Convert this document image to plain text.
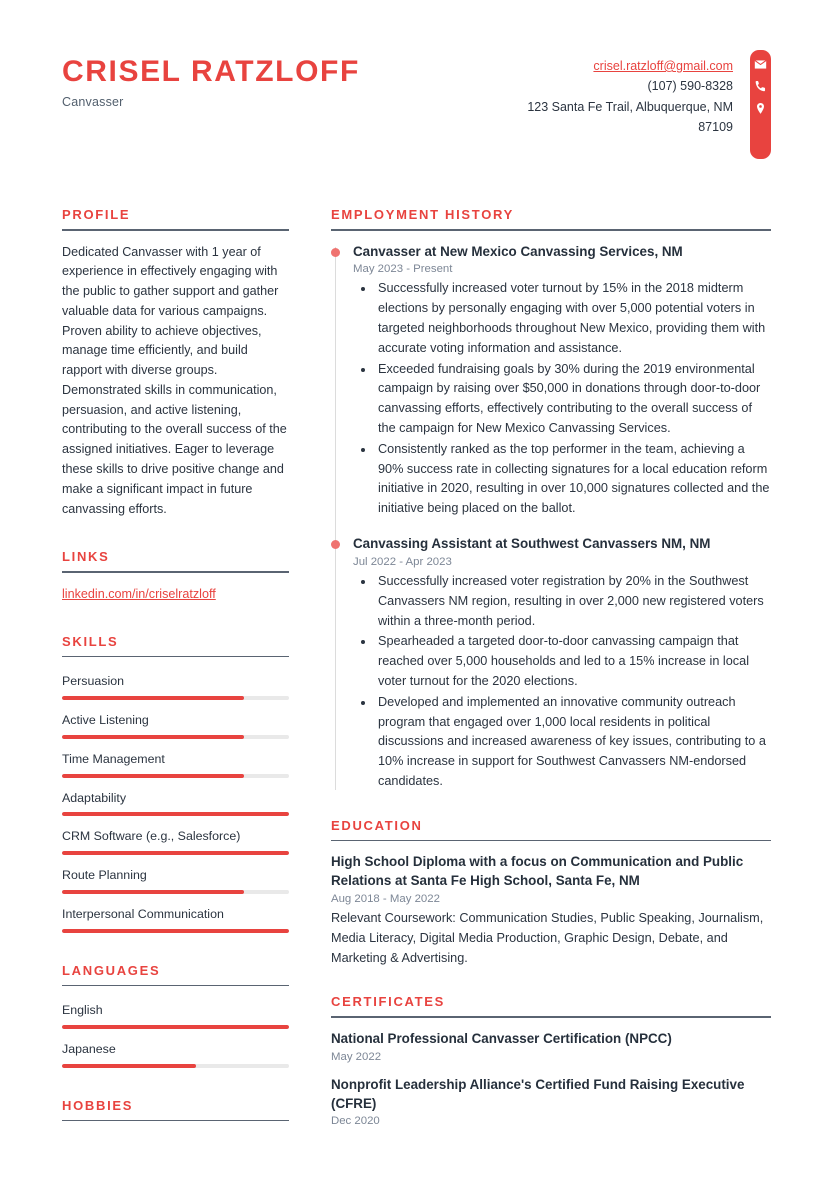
CRISEL RATZLOFF
Canvasser
crisel.ratzloff@gmail.com
(107) 590-8328
123 Santa Fe Trail, Albuquerque, NM
87109
PROFILE
Dedicated Canvasser with 1 year of experience in effectively engaging with the public to gather support and gather valuable data for various campaigns. Proven ability to achieve objectives, manage time efficiently, and build rapport with diverse groups. Demonstrated skills in communication, persuasion, and active listening, contributing to the overall success of the assigned initiatives. Eager to leverage these skills to drive positive change and make a significant impact in future canvassing efforts.
LINKS
linkedin.com/in/criselratzloff
SKILLS
Persuasion
Active Listening
Time Management
Adaptability
CRM Software (e.g., Salesforce)
Route Planning
Interpersonal Communication
LANGUAGES
English
Japanese
HOBBIES
EMPLOYMENT HISTORY
Canvasser at New Mexico Canvassing Services, NM
May 2023 - Present
• Successfully increased voter turnout by 15% in the 2018 midterm elections by personally engaging with over 5,000 potential voters in targeted neighborhoods throughout New Mexico, providing them with accurate voting information and assistance.
• Exceeded fundraising goals by 30% during the 2019 environmental campaign by raising over $50,000 in donations through door-to-door canvassing efforts, effectively contributing to the overall success of the campaign for New Mexico Canvassing Services.
• Consistently ranked as the top performer in the team, achieving a 90% success rate in collecting signatures for a local education reform initiative in 2020, resulting in over 10,000 signatures collected and the initiative being placed on the ballot.
Canvassing Assistant at Southwest Canvassers NM, NM
Jul 2022 - Apr 2023
• Successfully increased voter registration by 20% in the Southwest Canvassers NM region, resulting in over 2,000 new registered voters within a three-month period.
• Spearheaded a targeted door-to-door canvassing campaign that reached over 5,000 households and led to a 15% increase in local voter turnout for the 2020 elections.
• Developed and implemented an innovative community outreach program that engaged over 1,000 local residents in political discussions and increased awareness of key issues, contributing to a 10% increase in support for Southwest Canvassers NM-endorsed candidates.
EDUCATION
High School Diploma with a focus on Communication and Public Relations at Santa Fe High School, Santa Fe, NM
Aug 2018 - May 2022
Relevant Coursework: Communication Studies, Public Speaking, Journalism, Media Literacy, Digital Media Production, Graphic Design, Debate, and Marketing & Advertising.
CERTIFICATES
National Professional Canvasser Certification (NPCC)
May 2022
Nonprofit Leadership Alliance's Certified Fund Raising Executive (CFRE)
Dec 2020
